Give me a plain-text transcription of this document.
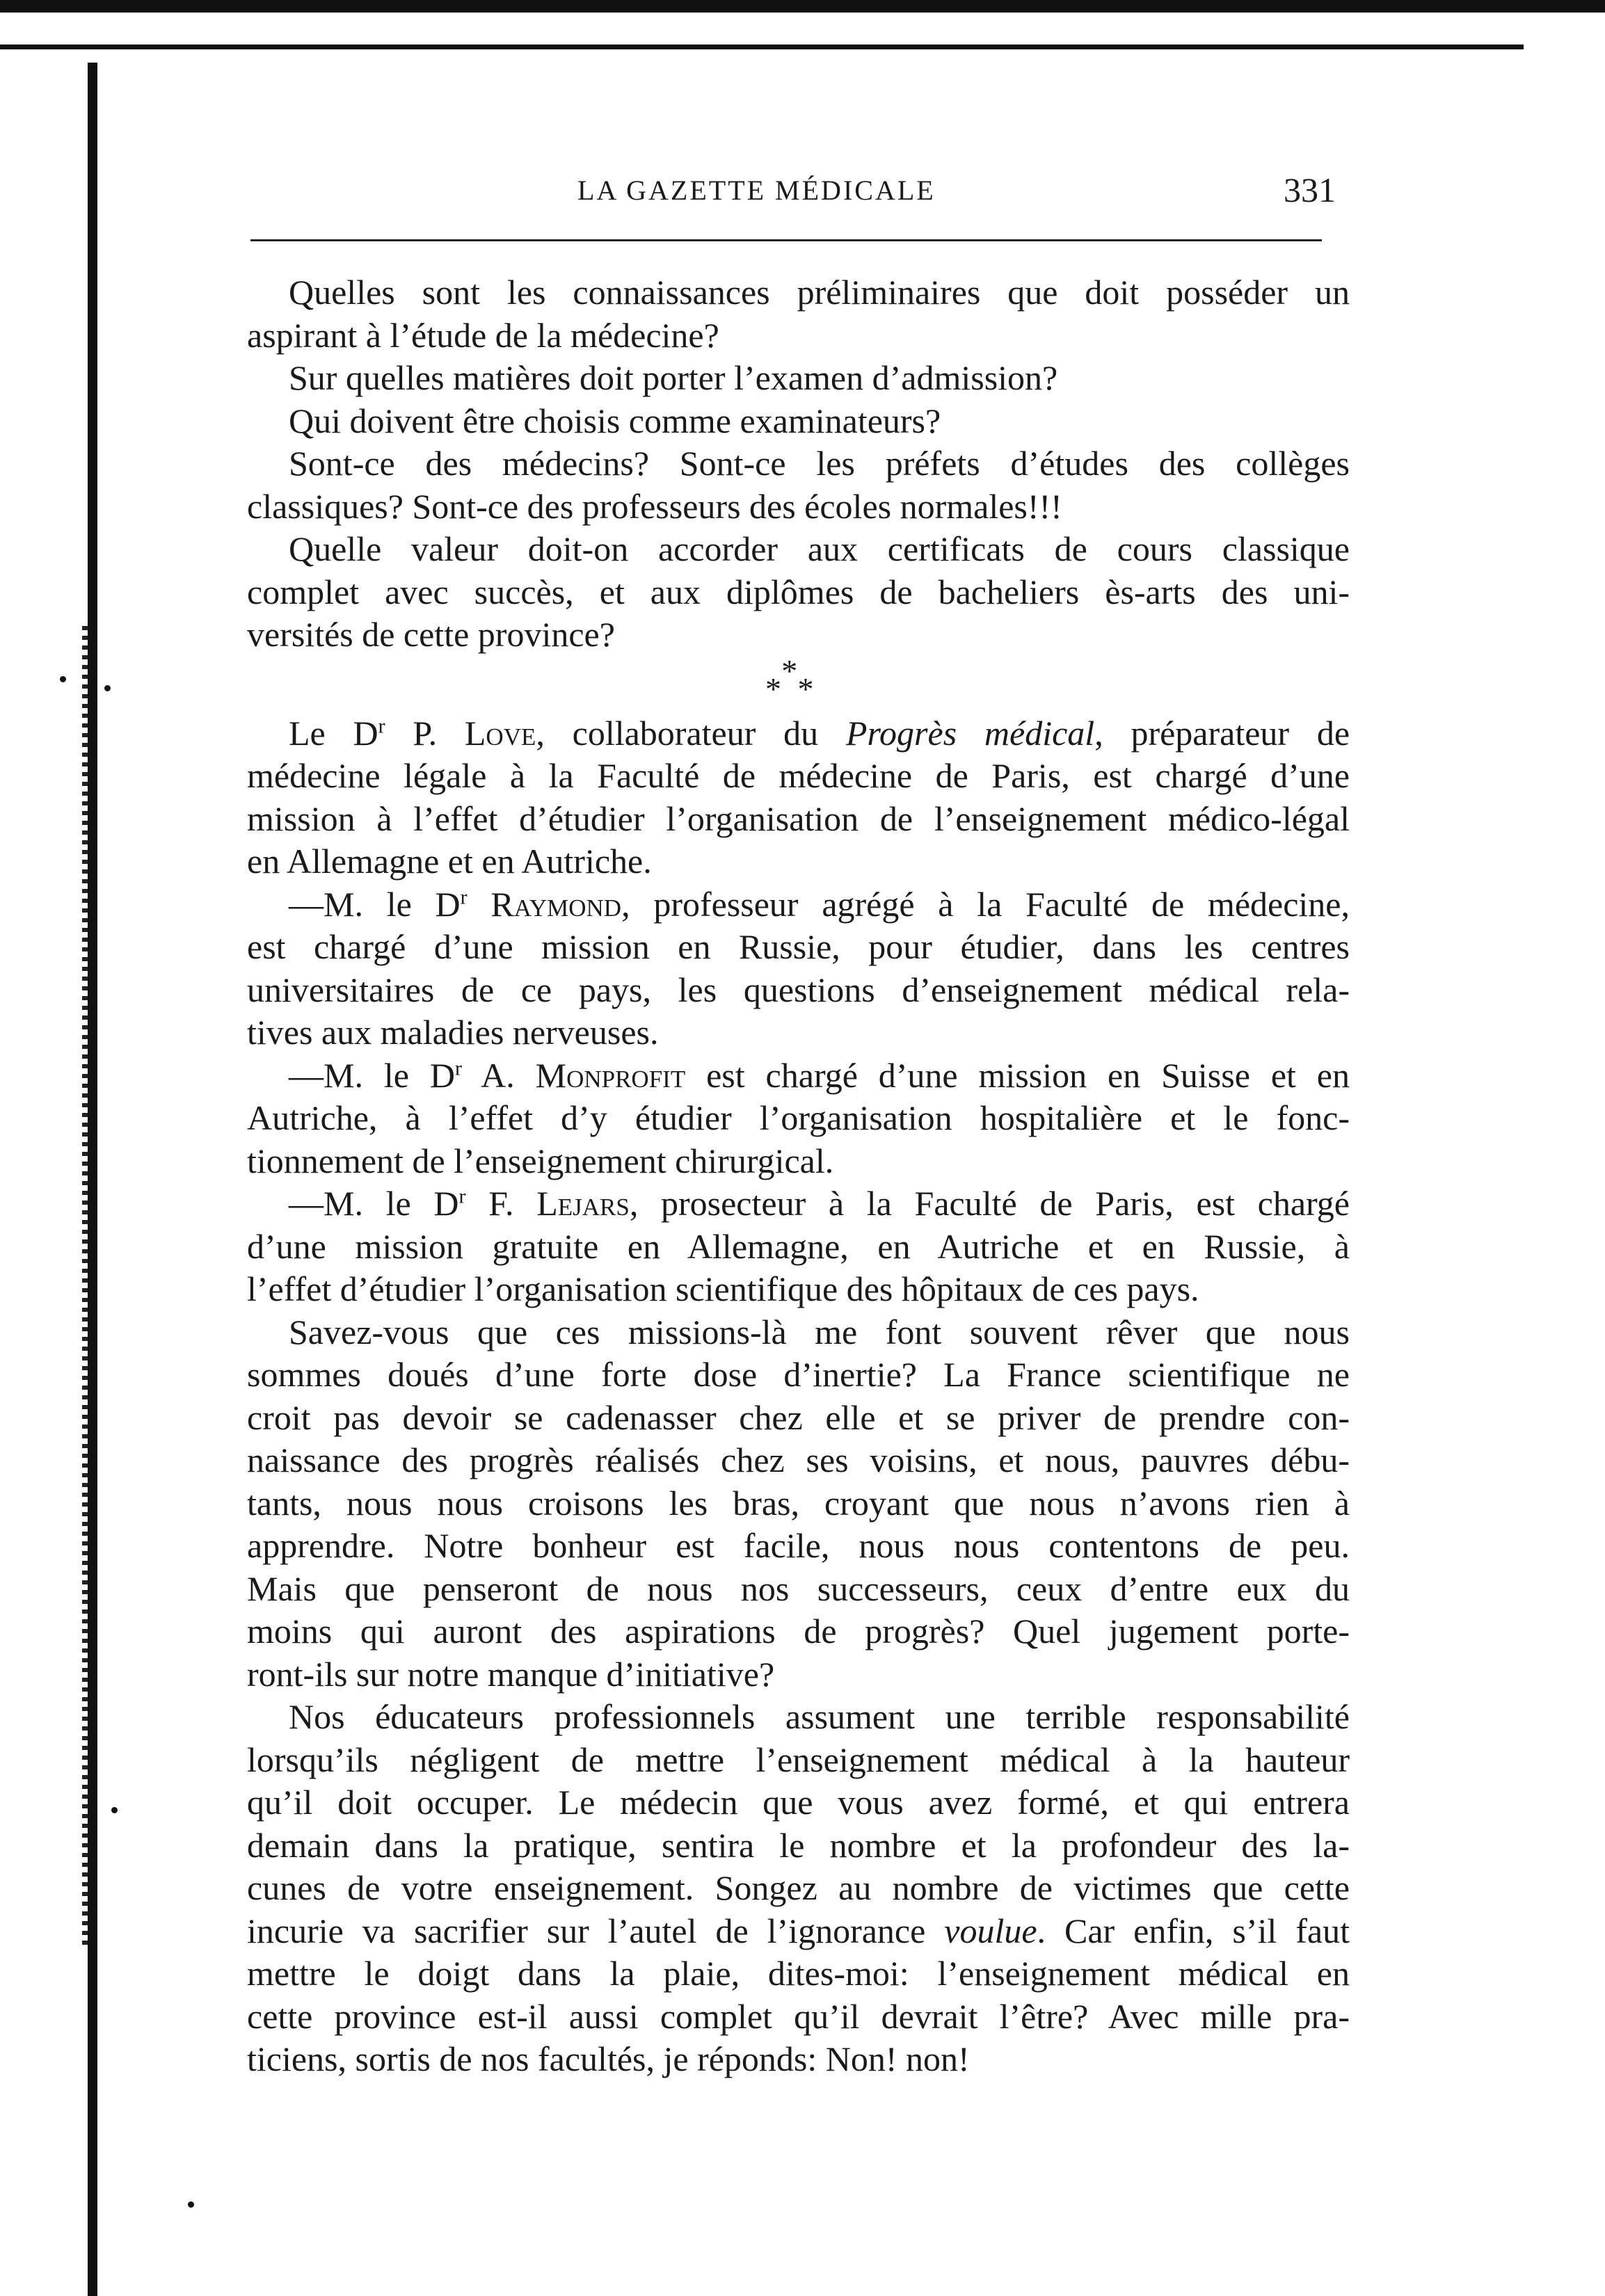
LA GAZETTE MÉDICALE	331
Quelles sont les connaissances préliminaires que doit posséder un
aspirant à l’étude de la médecine?
Sur quelles matières doit porter l’examen d’admission?
Qui doivent être choisis comme examinateurs?
Sont-ce des médecins? Sont-ce les préfets d’études des collèges
classiques? Sont-ce des professeurs des écoles normales!!!
Quelle valeur doit-on accorder aux certificats de cours classique
complet avec succès, et aux diplômes de bacheliers ès-arts des uni-
versités de cette province?
*
* *
Le $D^r$ P. Love, collaborateur du Progrès médical, préparateur de
médecine légale à la Faculté de médecine de Paris, est chargé d’une
mission à l’effet d’étudier l’organisation de l’enseignement médico-légal
en Allemagne et en Autriche.
—M. le $D^r$ Raymond, professeur agrégé à la Faculté de médecine,
est chargé d’une mission en Russie, pour étudier, dans les centres
universitaires de ce pays, les questions d’enseignement médical rela-
tives aux maladies nerveuses.
—M. le $D^r$ A. Monprofit est chargé d’une mission en Suisse et en
Autriche, à l’effet d’y étudier l’organisation hospitalière et le fonc-
tionnement de l’enseignement chirurgical.
—M. le $D^r$ F. Lejars, prosecteur à la Faculté de Paris, est chargé
d’une mission gratuite en Allemagne, en Autriche et en Russie, à
l’effet d’étudier l’organisation scientifique des hôpitaux de ces pays.
Savez-vous que ces missions-là me font souvent rêver que nous
sommes doués d’une forte dose d’inertie? La France scientifique ne
croit pas devoir se cadenasser chez elle et se priver de prendre con-
naissance des progrès réalisés chez ses voisins, et nous, pauvres débu-
tants, nous nous croisons les bras, croyant que nous n’avons rien à
apprendre. Notre bonheur est facile, nous nous contentons de peu.
Mais que penseront de nous nos successeurs, ceux d’entre eux du
moins qui auront des aspirations de progrès? Quel jugement porte-
ront-ils sur notre manque d’initiative?
Nos éducateurs professionnels assument une terrible responsabilité
lorsqu’ils négligent de mettre l’enseignement médical à la hauteur
qu’il doit occuper. Le médecin que vous avez formé, et qui entrera
demain dans la pratique, sentira le nombre et la profondeur des la-
cunes de votre enseignement. Songez au nombre de victimes que cette
incurie va sacrifier sur l’autel de l’ignorance voulue. Car enfin, s’il faut
mettre le doigt dans la plaie, dites-moi: l’enseignement médical en
cette province est-il aussi complet qu’il devrait l’être? Avec mille pra-
ticiens, sortis de nos facultés, je réponds: Non! non!
